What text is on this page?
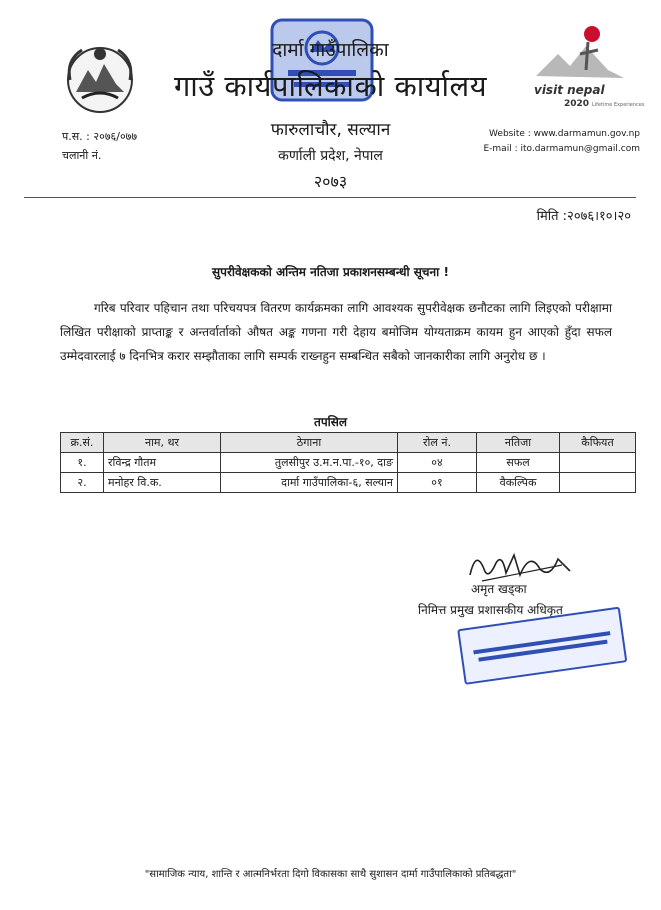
visit nepal
2020 Lifetime Experiences
दार्मा गाउँपालिका
गाउँ कार्यपालिकाको कार्यालय
फारुलाचौर, सल्यान
कर्णाली प्रदेश, नेपाल
२०७३
प.स. : २०७६/०७७
चलानी नं.
Website : www.darmamun.gov.np
E-mail : ito.darmamun@gmail.com
मिति :२०७६।१०।२०
सुपरीवेक्षकको अन्तिम नतिजा प्रकाशनसम्बन्धी सूचना !
गरिब परिवार पहिचान तथा परिचयपत्र वितरण कार्यक्रमका लागि आवश्यक सुपरीवेक्षक छनौटका लागि लिइएको परीक्षामा लिखित परीक्षाको प्राप्ताङ्क र अन्तर्वार्ताको औषत अङ्क गणना गरी देहाय बमोजिम योग्यताक्रम कायम हुन आएको हुँदा सफल उम्मेदवारलाई ७ दिनभित्र करार सम्झौताका लागि सम्पर्क राख्नहुन सम्बन्धित सबैको जानकारीका लागि अनुरोध छ ।
तपसिल
क्र.सं.	नाम, थर	ठेगाना	रोल नं.	नतिजा	कैफियत
१.	रविन्द्र गौतम	तुलसीपुर उ.म.न.पा.-१०, दाङ	०४	सफल	
२.	मनोहर वि.क.	दार्मा गाउँपालिका-६, सल्यान	०१	वैकल्पिक	
अमृत खड्का
निमित्त प्रमुख प्रशासकीय अधिकृत
"सामाजिक न्याय, शान्ति र आत्मनिर्भरता दिगो विकासका साथै सुशासन दार्मा गाउँपालिकाको प्रतिबद्धता"
